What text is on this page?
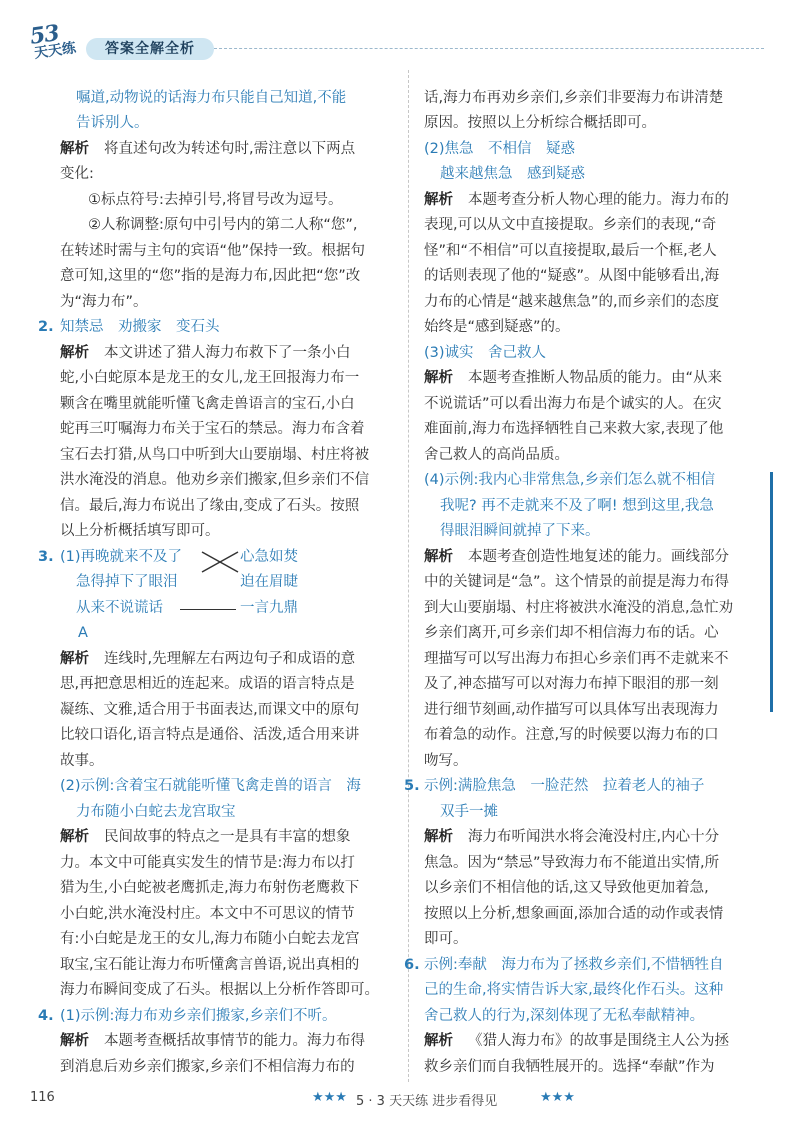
53
天天练	答案全解全析
嘱道,动物说的话海力布只能自己知道,不能
告诉别人。
解析 将直述句改为转述句时,需注意以下两点
变化:
①标点符号:去掉引号,将冒号改为逗号。
②人称调整:原句中引号内的第二人称“您”,
在转述时需与主句的宾语“他”保持一致。根据句
意可知,这里的“您”指的是海力布,因此把“您”改
为“海力布”。
2. 知禁忌　劝搬家　变石头
解析 本文讲述了猎人海力布救下了一条小白
蛇,小白蛇原本是龙王的女儿,龙王回报海力布一
颗含在嘴里就能听懂飞禽走兽语言的宝石,小白
蛇再三叮嘱海力布关于宝石的禁忌。海力布含着
宝石去打猎,从鸟口中听到大山要崩塌、村庄将被
洪水淹没的消息。他劝乡亲们搬家,但乡亲们不信
信。最后,海力布说出了缘由,变成了石头。按照
以上分析概括填写即可。
3. (1)再晚就来不及了	心急如焚
急得掉下了眼泪	迫在眉睫
从来不说谎话	一言九鼎
A
解析 连线时,先理解左右两边句子和成语的意
思,再把意思相近的连起来。成语的语言特点是
凝练、文雅,适合用于书面表达,而课文中的原句
比较口语化,语言特点是通俗、活泼,适合用来讲
故事。
(2)示例:含着宝石就能听懂飞禽走兽的语言　海
力布随小白蛇去龙宫取宝
解析 民间故事的特点之一是具有丰富的想象
力。本文中可能真实发生的情节是:海力布以打
猎为生,小白蛇被老鹰抓走,海力布射伤老鹰救下
小白蛇,洪水淹没村庄。本文中不可思议的情节
有:小白蛇是龙王的女儿,海力布随小白蛇去龙宫
取宝,宝石能让海力布听懂禽言兽语,说出真相的
海力布瞬间变成了石头。根据以上分析作答即可。
4. (1)示例:海力布劝乡亲们搬家,乡亲们不听。
解析 本题考查概括故事情节的能力。海力布得
到消息后劝乡亲们搬家,乡亲们不相信海力布的
话,海力布再劝乡亲们,乡亲们非要海力布讲清楚
原因。按照以上分析综合概括即可。
(2)焦急　不相信　疑惑
越来越焦急　感到疑惑
解析 本题考查分析人物心理的能力。海力布的
表现,可以从文中直接提取。乡亲们的表现,“奇
怪”和“不相信”可以直接提取,最后一个框,老人
的话则表现了他的“疑惑”。从图中能够看出,海
力布的心情是“越来越焦急”的,而乡亲们的态度
始终是“感到疑惑”的。
(3)诚实　舍己救人
解析 本题考查推断人物品质的能力。由“从来
不说谎话”可以看出海力布是个诚实的人。在灾
难面前,海力布选择牺牲自己来救大家,表现了他
舍己救人的高尚品质。
(4)示例:我内心非常焦急,乡亲们怎么就不相信
我呢? 再不走就来不及了啊! 想到这里,我急
得眼泪瞬间就掉了下来。
解析 本题考查创造性地复述的能力。画线部分
中的关键词是“急”。这个情景的前提是海力布得
到大山要崩塌、村庄将被洪水淹没的消息,急忙劝
乡亲们离开,可乡亲们却不相信海力布的话。心
理描写可以写出海力布担心乡亲们再不走就来不
及了,神态描写可以对海力布掉下眼泪的那一刻
进行细节刻画,动作描写可以具体写出表现海力
布着急的动作。注意,写的时候要以海力布的口
吻写。
5. 示例:满脸焦急　一脸茫然　拉着老人的袖子
双手一摊
解析 海力布听闻洪水将会淹没村庄,内心十分
焦急。因为“禁忌”导致海力布不能道出实情,所
以乡亲们不相信他的话,这又导致他更加着急,
按照以上分析,想象画面,添加合适的动作或表情
即可。
6. 示例:奉献　海力布为了拯救乡亲们,不惜牺牲自
己的生命,将实情告诉大家,最终化作石头。这种
舍己救人的行为,深刻体现了无私奉献精神。
解析 《猎人海力布》的故事是围绕主人公为拯
救乡亲们而自我牺牲展开的。选择“奉献”作为
116	★★★ 5 · 3 天天练 进步看得见	★★★
